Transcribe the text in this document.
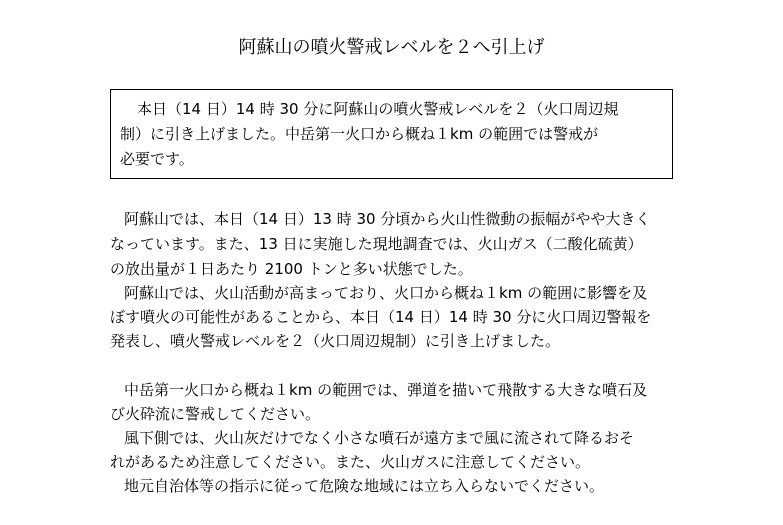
阿蘇山の噴火警戒レベルを２へ引上げ
本日（14 日）14 時 30 分に阿蘇山の噴火警戒レベルを２（火口周辺規
制）に引き上げました。中岳第一火口から概ね１km の範囲では警戒が
必要です。
阿蘇山では、本日（14 日）13 時 30 分頃から火山性微動の振幅がやや大きく
なっています。また、13 日に実施した現地調査では、火山ガス（二酸化硫黄）
の放出量が１日あたり 2100 トンと多い状態でした。
阿蘇山では、火山活動が高まっており、火口から概ね１km の範囲に影響を及
ぼす噴火の可能性があることから、本日（14 日）14 時 30 分に火口周辺警報を
発表し、噴火警戒レベルを２（火口周辺規制）に引き上げました。
中岳第一火口から概ね１km の範囲では、弾道を描いて飛散する大きな噴石及
び火砕流に警戒してください。
風下側では、火山灰だけでなく小さな噴石が遠方まで風に流されて降るおそ
れがあるため注意してください。また、火山ガスに注意してください。
地元自治体等の指示に従って危険な地域には立ち入らないでください。
